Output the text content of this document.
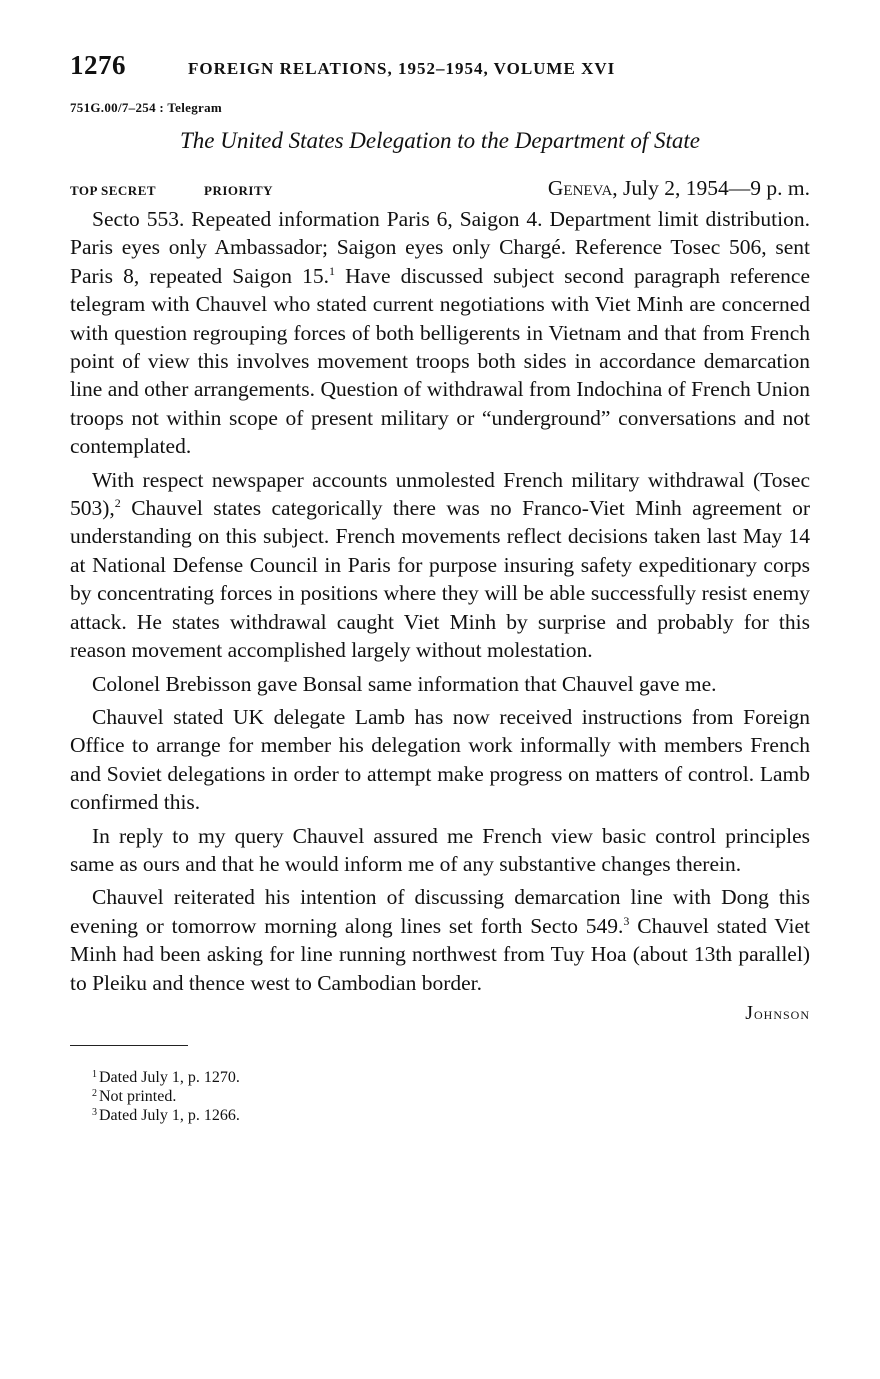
1276	FOREIGN RELATIONS, 1952–1954, VOLUME XVI
751G.00/7–254 : Telegram
The United States Delegation to the Department of State
TOP SECRET	PRIORITY	Geneva, July 2, 1954—9 p. m.

Secto 553. Repeated information Paris 6, Saigon 4. Department limit distribution. Paris eyes only Ambassador; Saigon eyes only Chargé. Reference Tosec 506, sent Paris 8, repeated Saigon 15.$^1$ Have discussed subject second paragraph reference telegram with Chauvel who stated current negotiations with Viet Minh are concerned with question regrouping forces of both belligerents in Vietnam and that from French point of view this involves movement troops both sides in accordance demarcation line and other arrangements. Question of withdrawal from Indochina of French Union troops not within scope of present military or “underground” conversations and not contemplated.

With respect newspaper accounts unmolested French military withdrawal (Tosec 503),$^2$ Chauvel states categorically there was no Franco-Viet Minh agreement or understanding on this subject. French movements reflect decisions taken last May 14 at National Defense Council in Paris for purpose insuring safety expeditionary corps by concentrating forces in positions where they will be able successfully resist enemy attack. He states withdrawal caught Viet Minh by surprise and probably for this reason movement accomplished largely without molestation.

Colonel Brebisson gave Bonsal same information that Chauvel gave me.

Chauvel stated UK delegate Lamb has now received instructions from Foreign Office to arrange for member his delegation work informally with members French and Soviet delegations in order to attempt make progress on matters of control. Lamb confirmed this.

In reply to my query Chauvel assured me French view basic control principles same as ours and that he would inform me of any substantive changes therein.

Chauvel reiterated his intention of discussing demarcation line with Dong this evening or tomorrow morning along lines set forth Secto 549.$^3$ Chauvel stated Viet Minh had been asking for line running northwest from Tuy Hoa (about 13th parallel) to Pleiku and thence west to Cambodian border.

Johnson
$^1$ Dated July 1, p. 1270.
$^2$ Not printed.
$^3$ Dated July 1, p. 1266.
